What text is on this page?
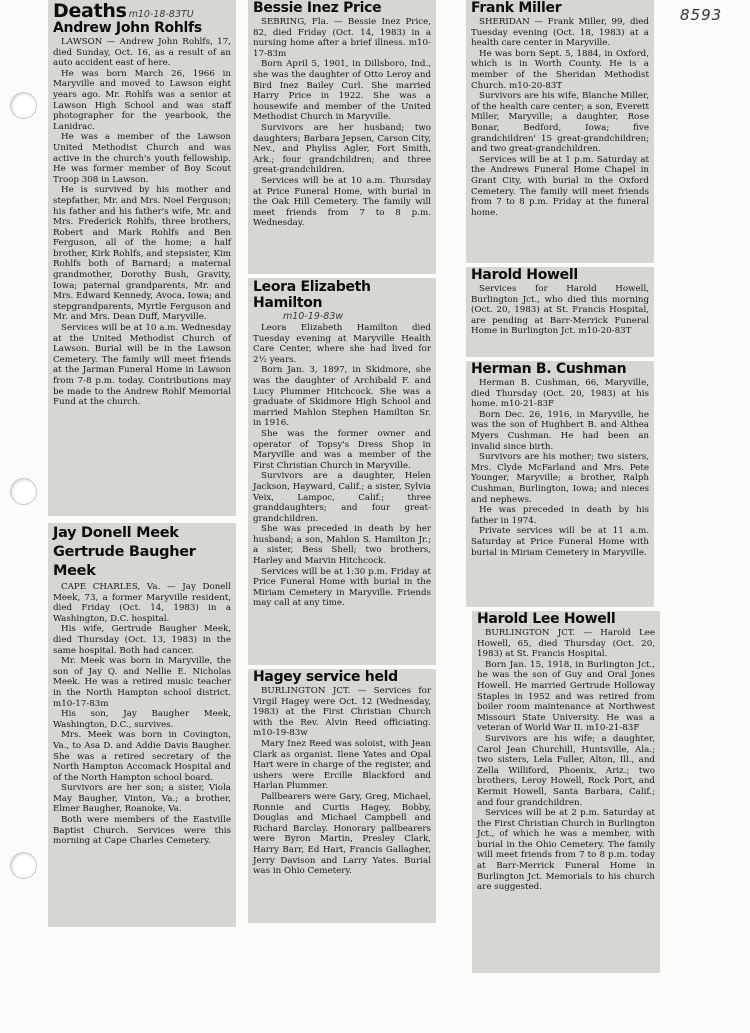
8593
Deaths m10-18-83TU
Andrew John Rohlfs

LAWSON — Andrew John Rohlfs, 17, died Sunday, Oct. 16, as a result of an auto accident east of here.

He was born March 26, 1966 in Maryville and moved to Lawson eight years ago. Mr. Rohlfs was a senior at Lawson High School and was staff photographer for the yearbook, the Lanidrac.

He was a member of the Lawson United Methodist Church and was active in the church's youth fellowship. He was former member of Boy Scout Troop 308 in Lawson.

He is survived by his mother and stepfather, Mr. and Mrs. Noel Ferguson; his father and his father's wife, Mr. and Mrs. Frederick Rohlfs, three brothers, Robert and Mark Rohlfs and Ben Ferguson, all of the home; a half brother, Kirk Rohlfs, and stepsister, Kim Rohlfs both of Barnard; a maternal grandmother, Dorothy Bush, Gravity, Iowa; paternal grandparents, Mr. and Mrs. Edward Kennedy, Avoca, Iowa; and stepgrandparents, Myrtle Ferguson and Mr. and Mrs. Dean Duff, Maryville.

Services will be at 10 a.m. Wednesday at the United Methodist Church of Lawson. Burial will be in the Lawson Cemetery. The family will meet friends at the Jarman Funeral Home in Lawson from 7-8 p.m. today. Contributions may be made to the Andrew Rohlf Memorial Fund at the church.

Jay Donell Meek Gertrude Baugher Meek

CAPE CHARLES, Va. — Jay Donell Meek, 73, a former Maryville resident, died Friday (Oct. 14, 1983) in a Washington, D.C. hospital.

His wife, Gertrude Baugher Meek, died Thursday (Oct. 13, 1983) in the same hospital. Both had cancer.

Mr. Meek was born in Maryville, the son of Jay Q. and Nellie E. Nicholas Meek. He was a retired music teacher in the North Hampton school district. m10-17-83m

His son, Jay Baugher Meek, Washington, D.C., survives.

Mrs. Meek was born in Covington, Va., to Asa D. and Addie Davis Baugher. She was a retired secretary of the North Hampton Accomack Hospital and of the North Hampton school board.

Survivors are her son; a sister, Viola May Baugher, Vinton, Va.; a brother, Elmer Baugher, Roanoke, Va.

Both were members of the Eastville Baptist Church. Services were this morning at Cape Charles Cemetery.

Bessie Inez Price

SEBRING, Fla. — Bessie Inez Price, 82, died Friday (Oct. 14, 1983) in a nursing home after a brief illness. m10-17-83m

Born April 5, 1901, in Dillsboro, Ind., she was the daughter of Otto Leroy and Bird Inez Bailey Curl. She married Harry Price in 1922. She was a housewife and member of the United Methodist Church in Maryville.

Survivors are her husband; two daughters; Barbara Jepsen, Carson City, Nev., and Phyliss Agler, Fort Smith, Ark.; four grandchildren; and three great-grandchildren.

Services will be at 10 a.m. Thursday at Price Funeral Home, with burial in the Oak Hill Cemetery. The family will meet friends from 7 to 8 p.m. Wednesday.

Leora Elizabeth Hamilton
m10-19-83w

Leora Elizabeth Hamilton died Tuesday evening at Maryville Health Care Center, where she had lived for 2½ years.

Born Jan. 3, 1897, in Skidmore, she was the daughter of Archibald F. and Lucy Plummer Hitchcock. She was a graduate of Skidmore High School and married Mahlon Stephen Hamilton Sr. in 1916.

She was the former owner and operator of Topsy's Dress Shop in Maryville and was a member of the First Christian Church in Maryville.

Survivors are a daughter, Helen Jackson, Hayward, Calif.; a sister, Sylvia Veix, Lampoc, Calif.; three granddaughters; and four great-grandchildren.

She was preceded in death by her husband; a son, Mahlon S. Hamilton Jr.; a sister, Bess Shell; two brothers, Harley and Marvin Hitchcock.

Services will be at 1:30 p.m. Friday at Price Funeral Home with burial in the Miriam Cemetery in Maryville. Friends may call at any time.

Hagey service held

BURLINGTON JCT. — Services for Virgil Hagey were Oct. 12 (Wednesday, 1983) at the First Christian Church with the Rev. Alvin Reed officiating. m10-19-83w

Mary Inez Reed was soloist, with Jean Clark as organist. Ilene Yates and Opal Hart were in charge of the register, and ushers were Ercille Blackford and Harlan Plummer.

Pallbearers were Gary, Greg, Michael, Ronnie and Curtis Hagey, Bobby, Douglas and Michael Campbell and Richard Barclay. Honorary pallbearers were Byron Martin, Presley Clark, Harry Barr, Ed Hart, Francis Gallagher, Jerry Davison and Larry Yates. Burial was in Ohio Cemetery.

Frank Miller

SHERIDAN — Frank Miller, 99, died Tuesday evening (Oct. 18, 1983) at a health care center in Maryville.

He was born Sept. 5, 1884, in Oxford, which is in Worth County. He is a member of the Sheridan Methodist Church. m10-20-83T

Survivors are his wife, Blanche Miller, of the health care center; a son, Everett Miller, Maryville; a daughter, Rose Bonar, Bedford, Iowa; five grandchildren' 15 great-grandchildren; and two great-grandchildren.

Services will be at 1 p.m. Saturday at the Andrews Funeral Home Chapel in Grant City, with burial in the Oxford Cemetery. The family will meet friends from 7 to 8 p.m. Friday at the funeral home.

Harold Howell

Services for Harold Howell, Burlington Jct., who died this morning (Oct. 20, 1983) at St. Francis Hospital, are pending at Barr-Merrick Funeral Home in Burlington Jct. m10-20-83T

Herman B. Cushman

Herman B. Cushman, 66, Maryville, died Thursday (Oct. 20, 1983) at his home. m10-21-83F

Born Dec. 26, 1916, in Maryville, he was the son of Hughbert B. and Althea Myers Cushman. He had been an invalid since birth.

Survivors are his mother; two sisters, Mrs. Clyde McFarland and Mrs. Pete Younger, Maryville; a brother, Ralph Cushman, Burlington, Iowa; and nieces and nephews.

He was preceded in death by his father in 1974.

Private services will be at 11 a.m. Saturday at Price Funeral Home with burial in Miriam Cemetery in Maryville.

Harold Lee Howell

BURLINGTON JCT. — Harold Lee Howell, 65, died Thursday (Oct. 20, 1983) at St. Francis Hospital.

Born Jan. 15, 1918, in Burlington Jct., he was the son of Guy and Oral Jones Howell. He married Gertrude Holloway Staples in 1952 and was retired from boiler room maintenance at Northwest Missouri State University. He was a veteran of World War II. m10-21-83F

Survivors are his wife; a daughter, Carol Jean Churchill, Huntsville, Ala.; two sisters, Lela Fuller, Alton, Ill., and Zella Williford, Phoenix, Ariz.; two brothers, Leroy Howell, Rock Port, and Kermit Howell, Santa Barbara, Calif.; and four grandchildren.

Services will be at 2 p.m. Saturday at the First Christian Church in Burlington Jct., of which he was a member, with burial in the Ohio Cemetery. The family will meet friends from 7 to 8 p.m. today at Barr-Merrick Funeral Home in Burlington Jct. Memorials to his church are suggested.
